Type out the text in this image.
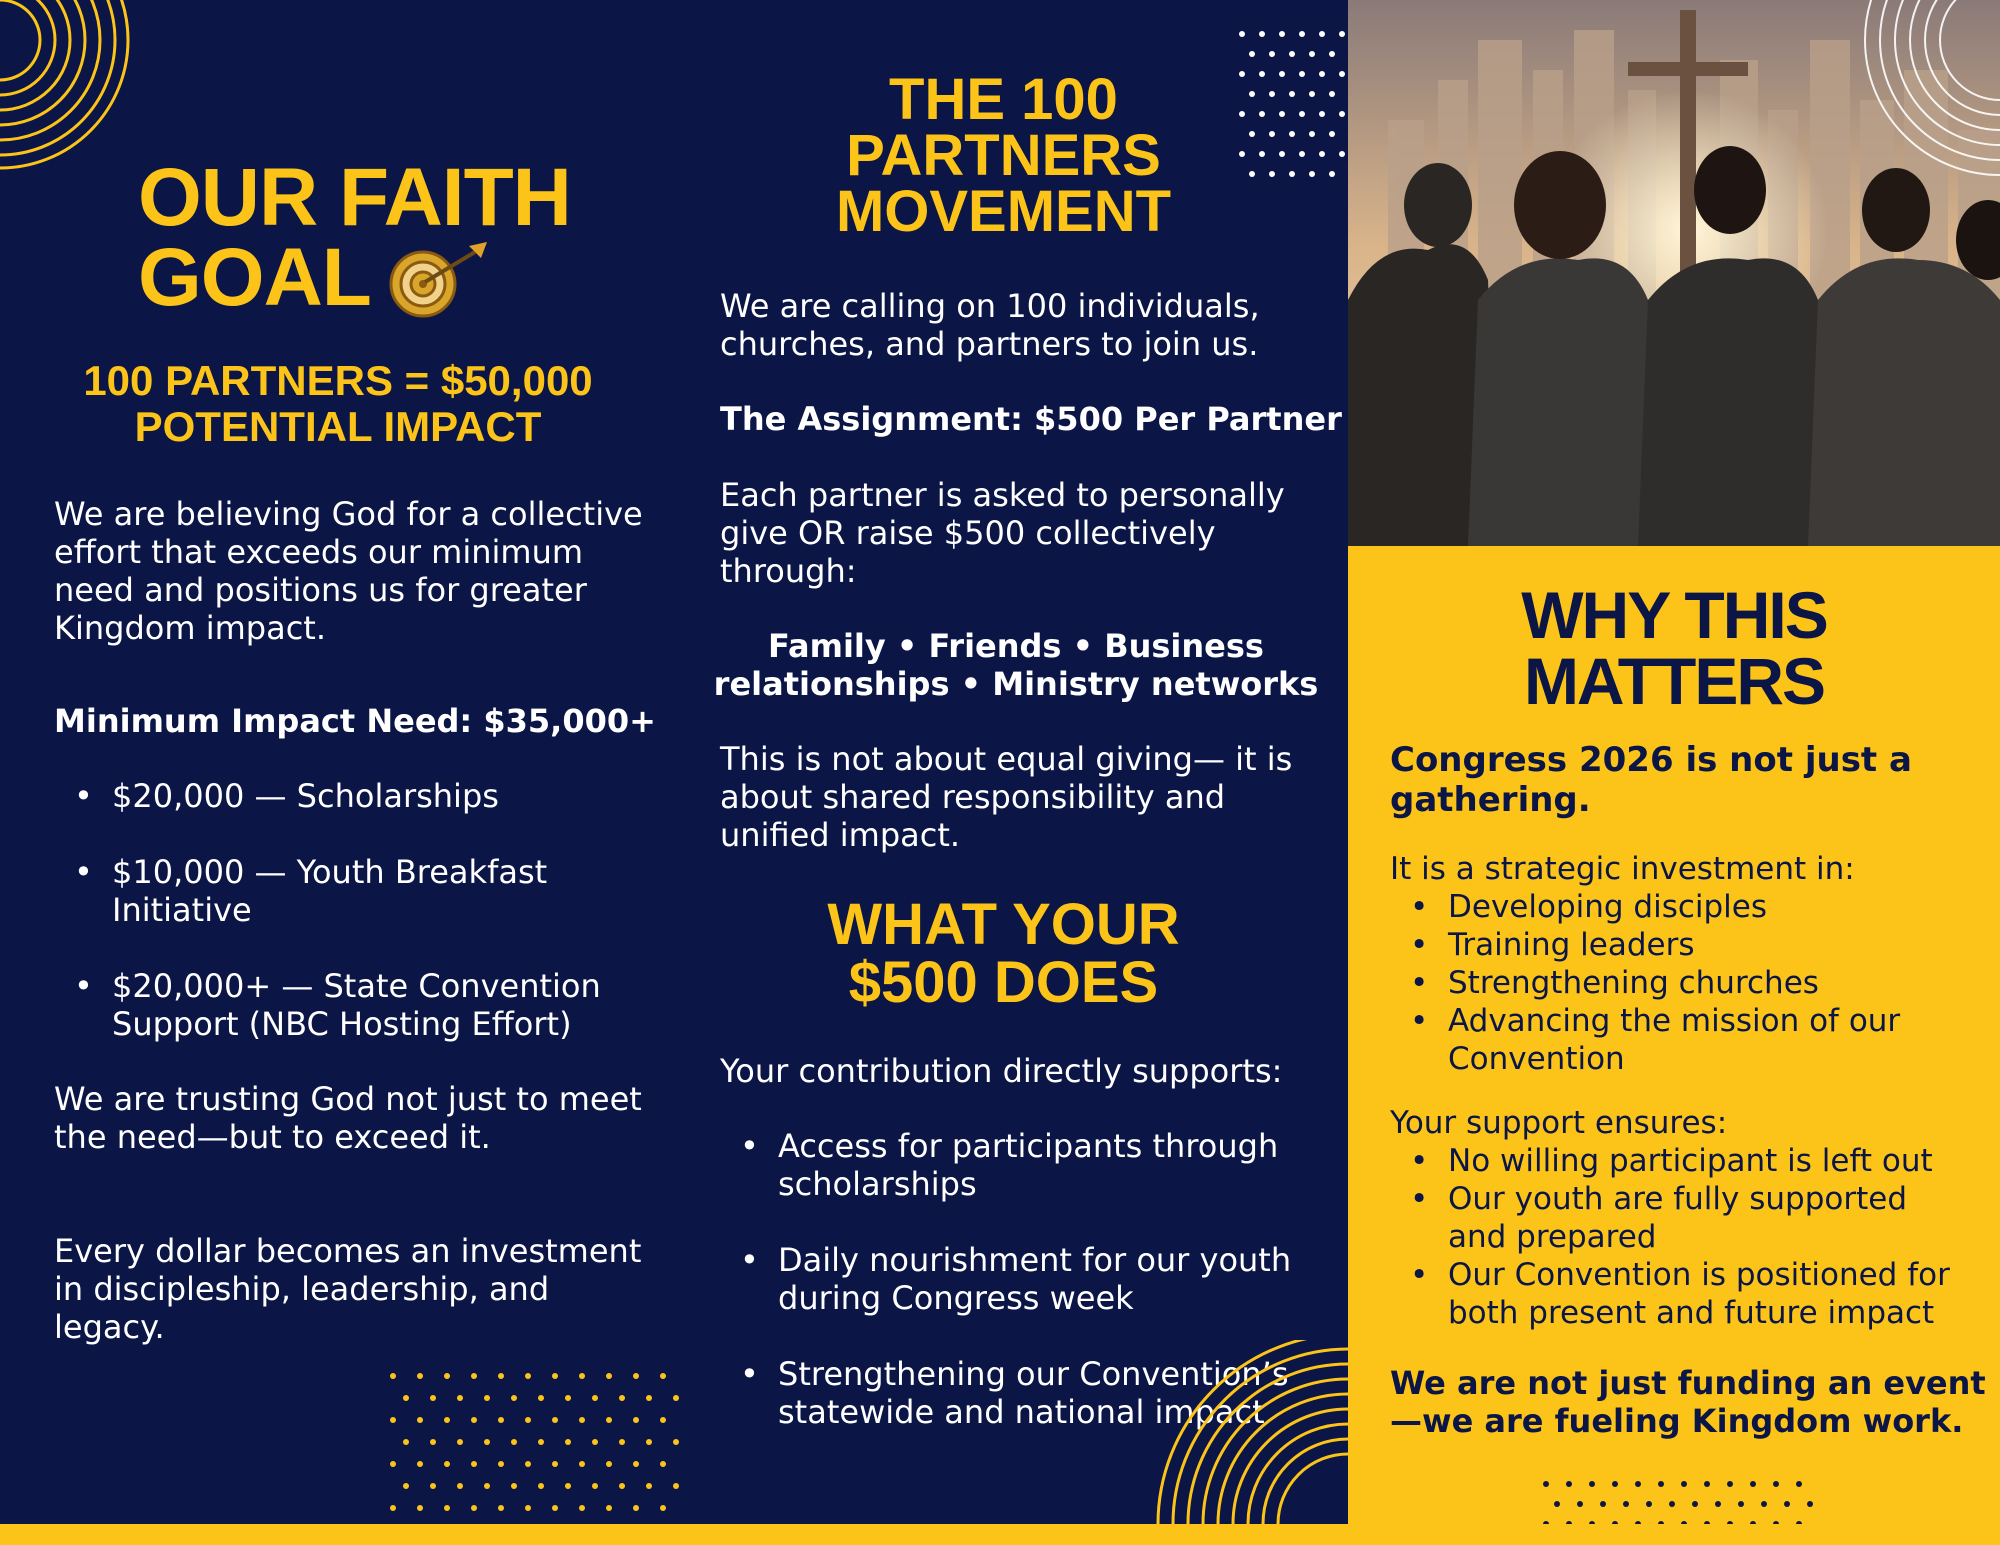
OUR FAITH
GOAL
100 PARTNERS = $50,000
POTENTIAL IMPACT
We are believing God for a collective
effort that exceeds our minimum
need and positions us for greater
Kingdom impact.
Minimum Impact Need: $35,000+
• $20,000 — Scholarships
• $10,000 — Youth Breakfast
Initiative
• $20,000+ — State Convention
Support (NBC Hosting Effort)
We are trusting God not just to meet
the need—but to exceed it.
Every dollar becomes an investment
in discipleship, leadership, and
legacy.
THE 100
PARTNERS
MOVEMENT
We are calling on 100 individuals,
churches, and partners to join us.
The Assignment: $500 Per Partner
Each partner is asked to personally
give OR raise $500 collectively
through:
Family • Friends • Business
relationships • Ministry networks
This is not about equal giving— it is
about shared responsibility and
unified impact.
WHAT YOUR
$500 DOES
Your contribution directly supports:
• Access for participants through
scholarships
• Daily nourishment for our youth
during Congress week
• Strengthening our Convention’s
statewide and national impact
WHY THIS
MATTERS
Congress 2026 is not just a
gathering.
It is a strategic investment in:
• Developing disciples
• Training leaders
• Strengthening churches
• Advancing the mission of our
Convention
Your support ensures:
• No willing participant is left out
• Our youth are fully supported
and prepared
• Our Convention is positioned for
both present and future impact
We are not just funding an event
—we are fueling Kingdom work.
